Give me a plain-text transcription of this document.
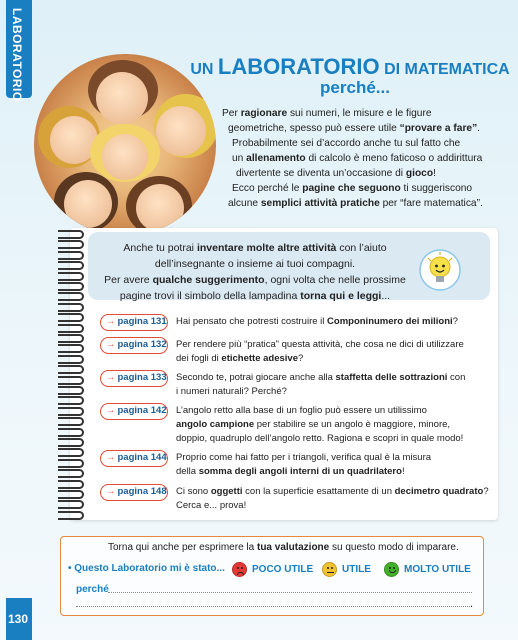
LABORATORIO	UN LABORATORIO DI MATEMATICA
perché...

Per ragionare sui numeri, le misure e le figure

geometriche, spesso può essere utile “provare a fare”.

Probabilmente sei d’accordo anche tu sul fatto che

un allenamento di calcolo è meno faticoso o addirittura

divertente se diventa un’occasione di gioco!

Ecco perché le pagine che seguono ti suggeriscono

alcune semplici attività pratiche per “fare matematica”.

Anche tu potrai inventare molte altre attività con l’aiuto

dell’insegnante o insieme ai tuoi compagni.

Per avere qualche suggerimento, ogni volta che nelle prossime

pagine trovi il simbolo della lampadina torna qui e leggi...

→ pagina 131 Hai pensato che potresti costruire il Componinumero dei milioni?

→ pagina 132 Per rendere più “pratica” questa attività, che cosa ne dici di utilizzare

dei fogli di etichette adesive?

→ pagina 133 Secondo te, potrai giocare anche alla staffetta delle sottrazioni con

i numeri naturali? Perché?

→ pagina 142 L’angolo retto alla base di un foglio può essere un utilissimo

angolo campione per stabilire se un angolo è maggiore, minore,

doppio, quadruplo dell’angolo retto. Ragiona e scopri in quale modo!

→ pagina 144 Proprio come hai fatto per i triangoli, verifica qual è la misura

della somma degli angoli interni di un quadrilatero!

→ pagina 148 Ci sono oggetti con la superficie esattamente di un decimetro quadrato?

Cerca e... prova!

Torna qui anche per esprimere la tua valutazione su questo modo di imparare.
• Questo Laboratorio mi è stato...	POCO UTILE	UTILE	MOLTO UTILE
perché
.
130
